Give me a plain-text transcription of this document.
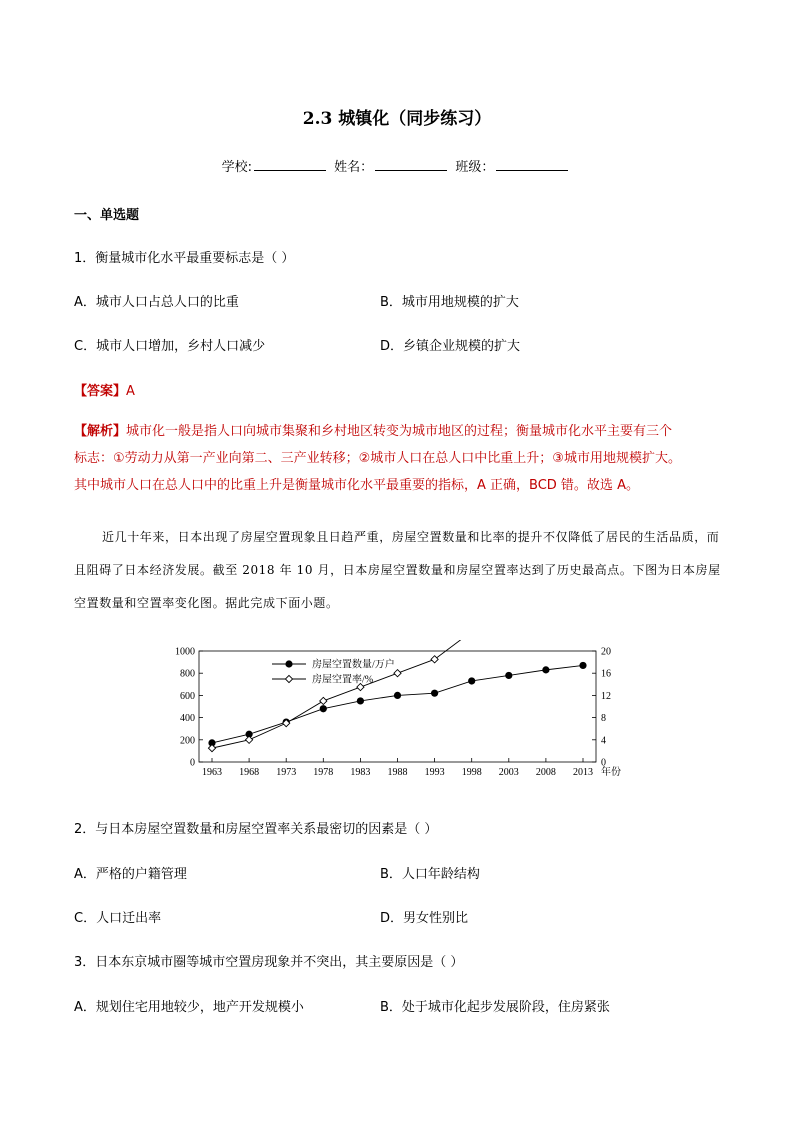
2.3 城镇化（同步练习）
学校:	姓名：	班级：
一、单选题
1．衡量城市化水平最重要标志是（ ）
A．城市人口占总人口的比重	B．城市用地规模的扩大
C．城市人口增加，乡村人口减少	D．乡镇企业规模的扩大
【答案】A
【解析】城市化一般是指人口向城市集聚和乡村地区转变为城市地区的过程；衡量城市化水平主要有三个
标志：①劳动力从第一产业向第二、三产业转移；②城市人口在总人口中比重上升；③城市用地规模扩大。
其中城市人口在总人口中的比重上升是衡量城市化水平最重要的指标，A 正确，BCD 错。故选 A。
近几十年来，日本出现了房屋空置现象且日趋严重，房屋空置数量和比率的提升不仅降低了居民的生活品质，而且阻碍了日本经济发展。截至 2018 年 10 月，日本房屋空置数量和房屋空置率达到了历史最高点。下图为日本房屋空置数量和空置率变化图。据此完成下面小题。
0
200
400
600
800
1000
0
4
8
12
16
20
1963 1968 1973 1978 1983 1988 1993 1998 2003 2008 2013 年份
房屋空置数量/万户
房屋空置率/%
2．与日本房屋空置数量和房屋空置率关系最密切的因素是（ ）
A．严格的户籍管理	B．人口年龄结构
C．人口迁出率	D．男女性别比
3．日本东京城市圈等城市空置房现象并不突出，其主要原因是（ ）
A．规划住宅用地较少，地产开发规模小	B．处于城市化起步发展阶段，住房紧张
